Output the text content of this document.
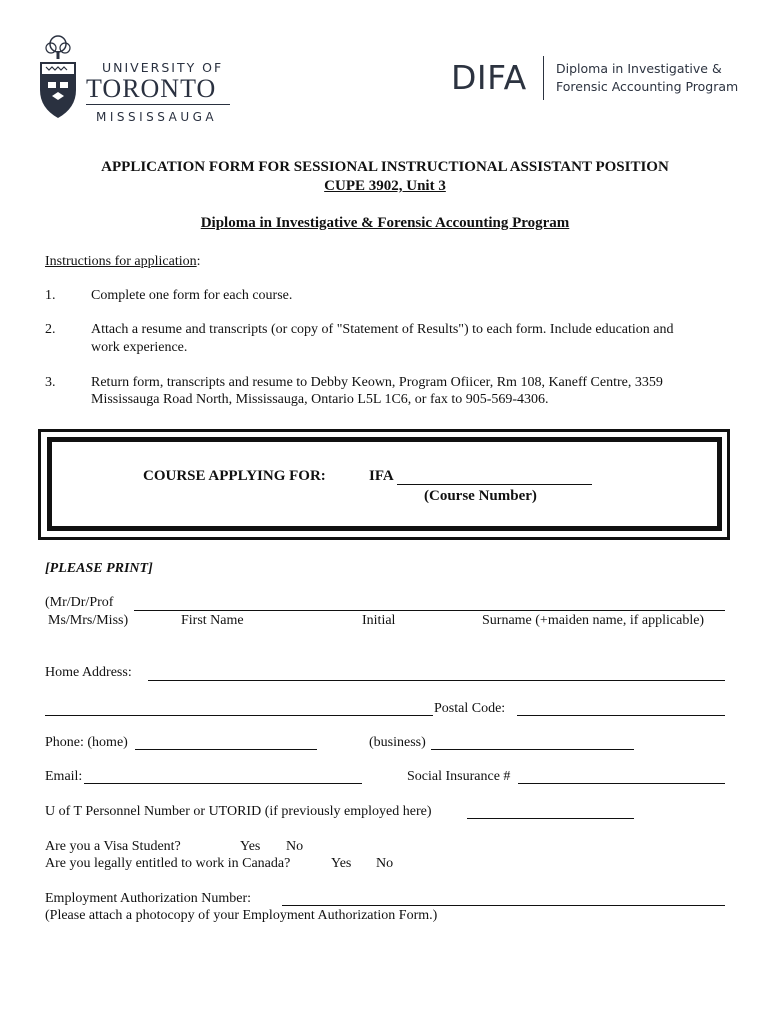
UNIVERSITY OF
TORONTO
MISSISSAUGA
DIFA Diploma in Investigative &
Forensic Accounting Program
APPLICATION FORM FOR SESSIONAL INSTRUCTIONAL ASSISTANT POSITION
CUPE 3902, Unit 3
Diploma in Investigative & Forensic Accounting Program
Instructions for application:
1.	Complete one form for each course.
2.	Attach a resume and transcripts (or copy of "Statement of Results") to each form. Include education and
work experience.
3.	Return form, transcripts and resume to Debby Keown, Program Ofiicer, Rm 108, Kaneff Centre, 3359
Mississauga Road North, Mississauga, Ontario L5L 1C6, or fax to 905-569-4306.
COURSE APPLYING FOR:	IFA
(Course Number)
[PLEASE PRINT]
(Mr/Dr/Prof
Ms/Mrs/Miss)	First Name	Initial	Surname (+maiden name, if applicable)
Home Address:
Postal Code:
Phone: (home)	(business)
Email:	Social Insurance #
U of T Personnel Number or UTORID (if previously employed here)
Are you a Visa Student?	Yes No
Are you legally entitled to work in Canada?	Yes No
Employment Authorization Number:
(Please attach a photocopy of your Employment Authorization Form.)
